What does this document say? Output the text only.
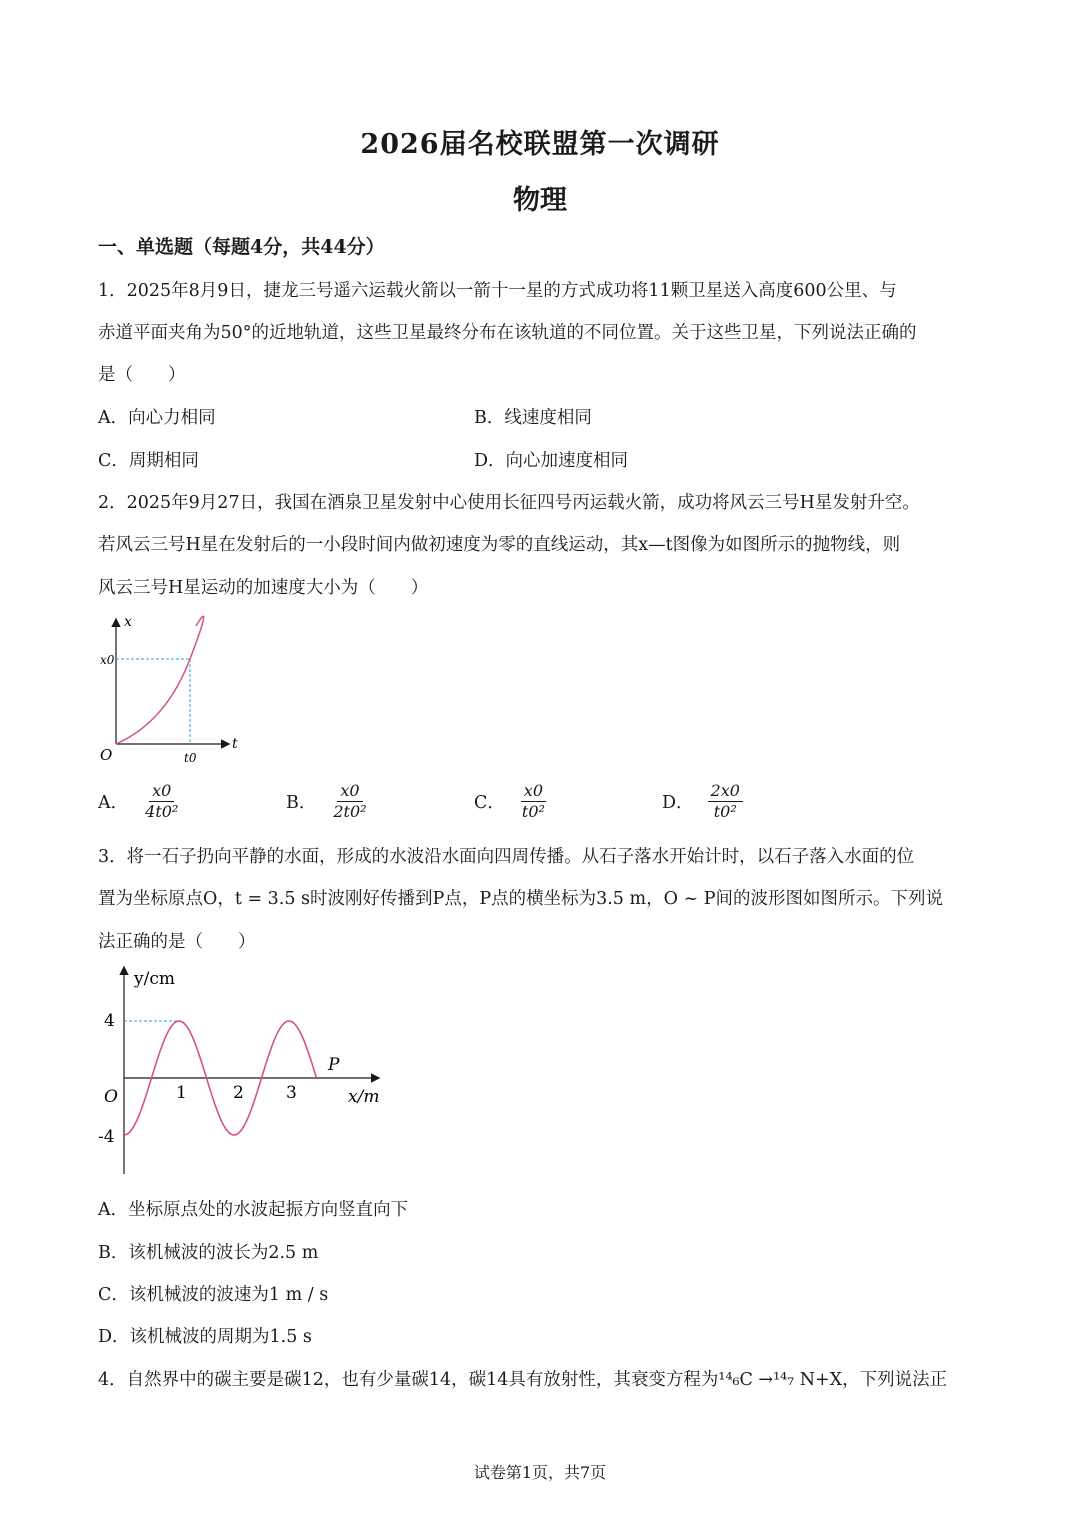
2026届名校联盟第一次调研
物理
一、单选题（每题4分，共44分）
1．2025年8月9日，捷龙三号遥六运载火箭以一箭十一星的方式成功将11颗卫星送入高度600公里、与
赤道平面夹角为50°的近地轨道，这些卫星最终分布在该轨道的不同位置。关于这些卫星，下列说法正确的
是（　　）
A．向心力相同	B．线速度相同
C．周期相同	D．向心加速度相同
2．2025年9月27日，我国在酒泉卫星发射中心使用长征四号丙运载火箭，成功将风云三号H星发射升空。
若风云三号H星在发射后的一小段时间内做初速度为零的直线运动，其x—t图像为如图所示的抛物线，则
风云三号H星运动的加速度大小为（　　）
x
t
O	t0
x0
A． $\frac{x0}{\text{4t0²}}$	B． $\frac{x0}{\text{2t0²}}$	C． $\frac{x0}{\text{t0²}}$	D． $\frac{2x0}{\text{t0²}}$
3．将一石子扔向平静的水面，形成的水波沿水面向四周传播。从石子落水开始计时，以石子落入水面的位
置为坐标原点O，t = 3.5 s时波刚好传播到P点，P点的横坐标为3.5 m，O ~ P间的波形图如图所示。下列说
法正确的是（　　）
y/cm
x/m
O
4
-4
1	2 3
P
A．坐标原点处的水波起振方向竖直向下
B．该机械波的波长为2.5 m
C．该机械波的波速为1 m / s
D．该机械波的周期为1.5 s
4．自然界中的碳主要是碳12，也有少量碳14，碳14具有放射性，其衰变方程为¹⁴₆C →¹⁴₇ N+X，下列说法正
试卷第1页，共7页
